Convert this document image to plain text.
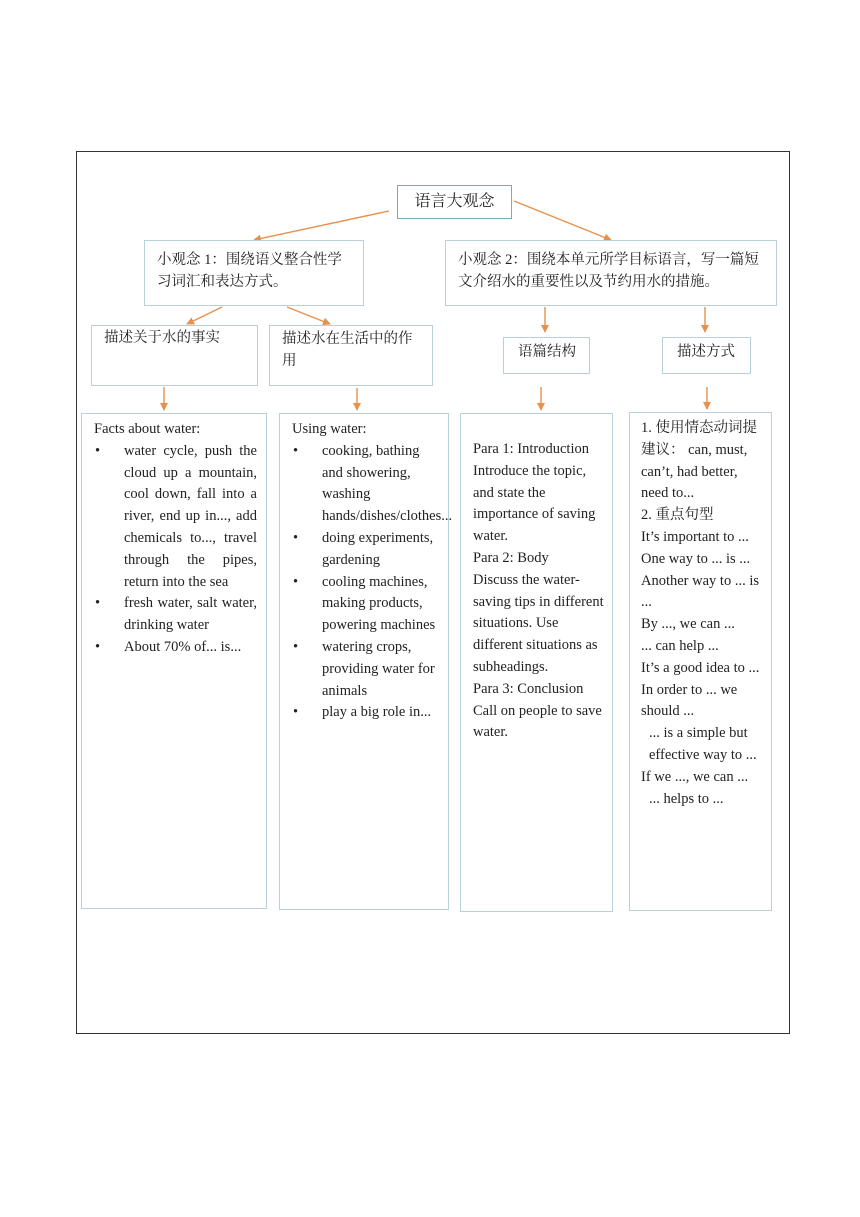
语言大观念
小观念 1：围绕语义整合性学习词汇和表达方式。
小观念 2：围绕本单元所学目标语言，写一篇短文介绍水的重要性以及节约用水的措施。
描述关于水的事实	描述水在生活中的作用
语篇结构	描述方式
Facts about water:
• water cycle, push the cloud up a mountain, cool down, fall into a river, end up in..., add chemicals to..., travel through the pipes, return into the sea
• fresh water, salt water, drinking water
• About 70% of... is...
Using water:
• cooking, bathing and showering, washing hands/dishes/clothes...
• doing experiments, gardening
• cooling machines, making products, powering machines
• watering crops, providing water for animals
• play a big role in...
Para 1: Introduction
Introduce the topic, and state the importance of saving water.
Para 2: Body
Discuss the water-saving tips in different situations. Use different situations as subheadings.
Para 3: Conclusion
Call on people to save water.
1. 使用情态动词提建议： can, must, can’t, had better, need to...
2. 重点句型
It’s important to ...
One way to ... is ...
Another way to ... is ...
By ..., we can ...
... can help ...
It’s a good idea to ...
In order to ... we should ...
... is a simple but effective way to ...
If we ..., we can ...
... helps to ...
